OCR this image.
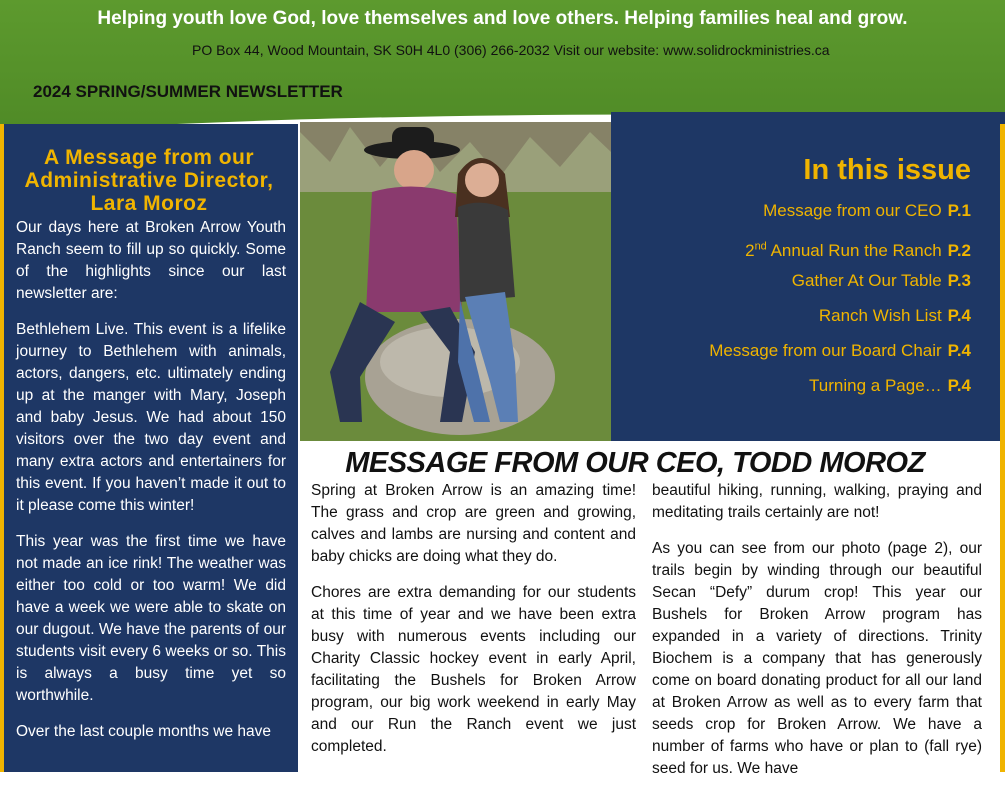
Helping youth love God, love themselves and love others. Helping families heal and grow.
PO Box 44, Wood Mountain, SK S0H 4L0 (306) 266-2032 Visit our website: www.solidrockministries.ca
2024 SPRING/SUMMER NEWSLETTER
A Message from our Administrative Director, Lara Moroz

Our days here at Broken Arrow Youth Ranch seem to fill up so quickly. Some of the highlights since our last newsletter are:

Bethlehem Live. This event is a lifelike journey to Bethlehem with animals, actors, dangers, etc. ultimately ending up at the manger with Mary, Joseph and baby Jesus. We had about 150 visitors over the two day event and many extra actors and entertainers for this event. If you haven’t made it out to it please come this winter!

This year was the first time we have not made an ice rink! The weather was either too cold or too warm! We did have a week we were able to skate on our dugout. We have the parents of our students visit every 6 weeks or so. This is always a busy time yet so worthwhile.

Over the last couple months we have

In this issue
Message from our CEO P.1
2nd Annual Run the Ranch P.2
Gather At Our Table P.3
Ranch Wish List P.4
Message from our Board Chair P.4
Turning a Page… P.4
MESSAGE FROM OUR CEO, TODD MOROZ

Spring at Broken Arrow is an amazing time! The grass and crop are green and growing, calves and lambs are nursing and content and baby chicks are doing what they do.

Chores are extra demanding for our students at this time of year and we have been extra busy with numerous events including our Charity Classic hockey event in early April, facilitating the Bushels for Broken Arrow program, our big work weekend in early May and our Run the Ranch event we just completed.

beautiful hiking, running, walking, praying and meditating trails certainly are not!

As you can see from our photo (page 2), our trails begin by winding through our beautiful Secan “Defy” durum crop! This year our Bushels for Broken Arrow program has expanded in a variety of directions. Trinity Biochem is a company that has generously come on board donating product for all our land at Broken Arrow as well as to every farm that seeds crop for Broken Arrow. We have a number of farms who have or plan to (fall rye) seed for us. We have
